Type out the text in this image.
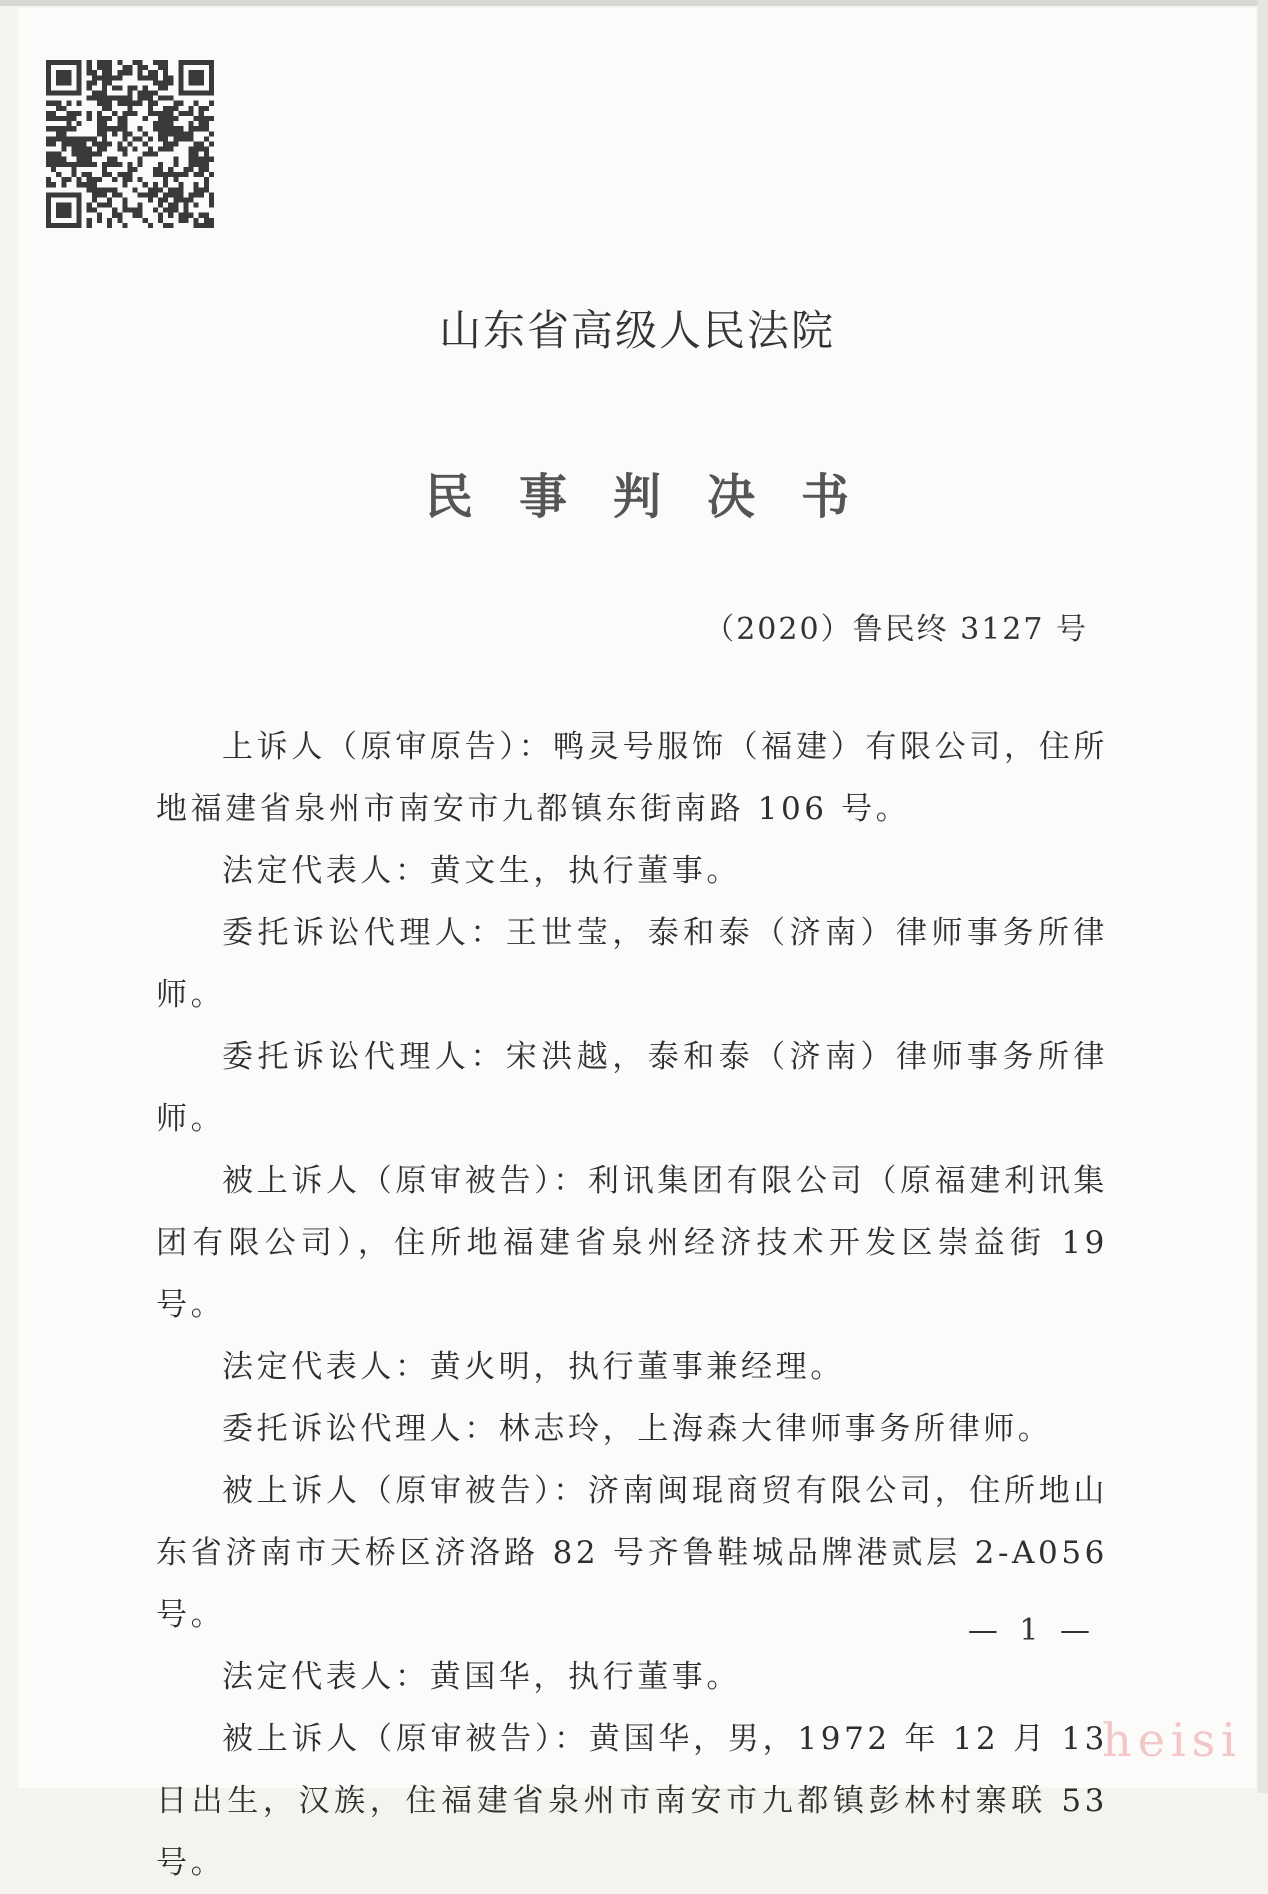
山东省高级人民法院
民事判决书
（2020）鲁民终 3127 号

上诉人（原审原告）：鸭灵号服饰（福建）有限公司，住所地福建省泉州市南安市九都镇东街南路 106 号。

法定代表人：黄文生，执行董事。

委托诉讼代理人：王世莹，泰和泰（济南）律师事务所律师。

委托诉讼代理人：宋洪越，泰和泰（济南）律师事务所律师。

被上诉人（原审被告）：利讯集团有限公司（原福建利讯集团有限公司），住所地福建省泉州经济技术开发区崇益街 19 号。

法定代表人：黄火明，执行董事兼经理。

委托诉讼代理人：林志玲，上海森大律师事务所律师。

被上诉人（原审被告）：济南闽琨商贸有限公司，住所地山东省济南市天桥区济洛路 82 号齐鲁鞋城品牌港贰层 2-A056 号。

法定代表人：黄国华，执行董事。

被上诉人（原审被告）：黄国华，男，1972 年 12 月 13 日出生，汉族，住福建省泉州市南安市九都镇彭林村寨联 53 号。

— 1 —
heisi
